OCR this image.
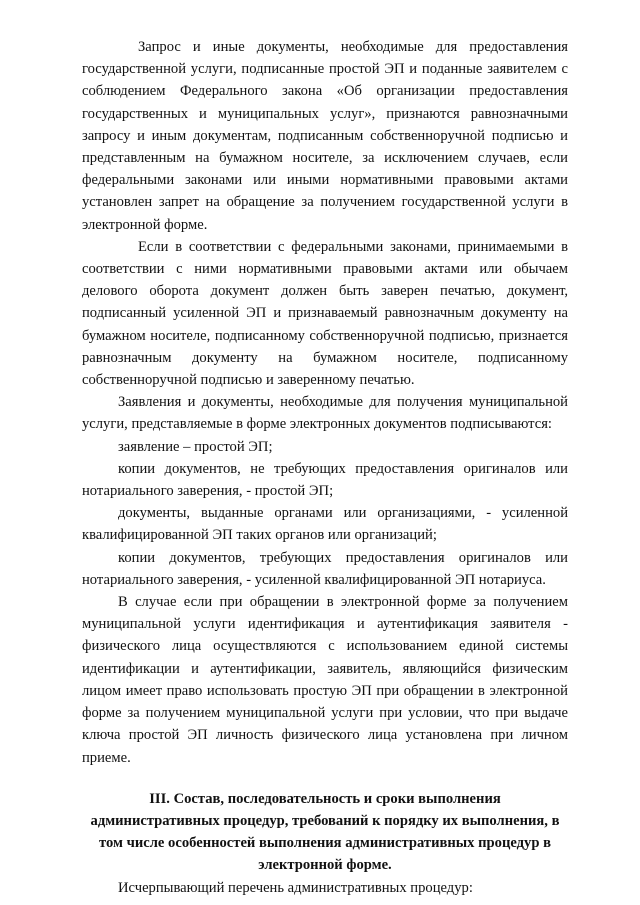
Запрос и иные документы, необходимые для предоставления государственной услуги, подписанные простой ЭП и поданные заявителем с соблюдением Федерального закона «Об организации предоставления государственных и муниципальных услуг», признаются равнозначными запросу и иным документам, подписанным собственноручной подписью и представленным на бумажном носителе, за исключением случаев, если федеральными законами или иными нормативными правовыми актами установлен запрет на обращение за получением государственной услуги в электронной форме.

Если в соответствии с федеральными законами, принимаемыми в соответствии с ними нормативными правовыми актами или обычаем делового оборота документ должен быть заверен печатью, документ, подписанный усиленной ЭП и признаваемый равнозначным документу на бумажном носителе, подписанному собственноручной подписью, признается равнозначным документу на бумажном носителе, подписанному собственноручной подписью и заверенному печатью.

Заявления и документы, необходимые для получения муниципальной услуги, представляемые в форме электронных документов подписываются:

заявление – простой ЭП;

копии документов, не требующих предоставления оригиналов или нотариального заверения, - простой ЭП;

документы, выданные органами или организациями, - усиленной квалифицированной ЭП таких органов или организаций;

копии документов, требующих предоставления оригиналов или нотариального заверения, - усиленной квалифицированной ЭП нотариуса.

В случае если при обращении в электронной форме за получением муниципальной услуги идентификация и аутентификация заявителя - физического лица осуществляются с использованием единой системы идентификации и аутентификации, заявитель, являющийся физическим лицом имеет право использовать простую ЭП при обращении в электронной форме за получением муниципальной услуги при условии, что при выдаче ключа простой ЭП личность физического лица установлена при личном приеме.

III. Состав, последовательность и сроки выполнения административных процедур, требований к порядку их выполнения, в том числе особенностей выполнения административных процедур в электронной форме.

Исчерпывающий перечень административных процедур:
